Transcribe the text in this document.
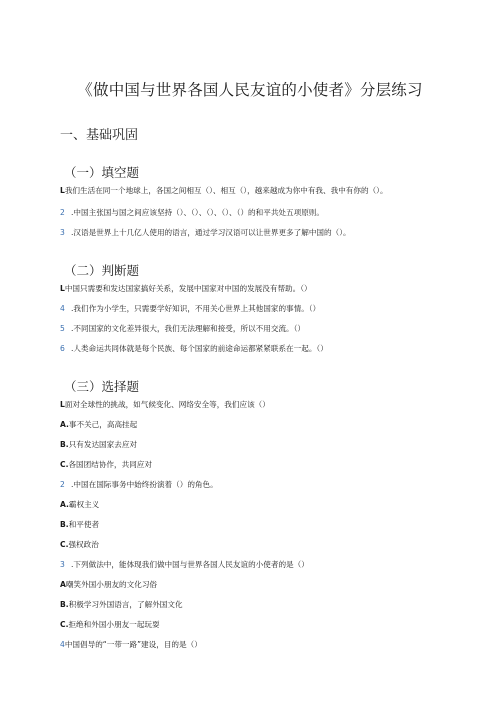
《做中国与世界各国人民友谊的小使者》分层练习
一、基础巩固
（一）填空题
L我们生活在同一个地球上，各国之间相互（）、相互（），越来越成为你中有我、我中有你的（）。
2 .中国主张国与国之间应该坚持（）、（）、（）、（）、（）的和平共处五项原则。
3 .汉语是世界上十几亿人使用的语言，通过学习汉语可以让世界更多了解中国的（）。
（二）判断题
L中国只需要和发达国家搞好关系，发展中国家对中国的发展没有帮助。（）
4 .我们作为小学生，只需要学好知识，不用关心世界上其他国家的事情。（）
5 .不同国家的文化差异很大，我们无法理解和接受，所以不用交流。（）
6 .人类命运共同体就是每个民族、每个国家的前途命运都紧紧联系在一起。（）
（三）选择题
L面对全球性的挑战，如气候变化、网络安全等，我们应该（）
A.事不关己，高高挂起
B.只有发达国家去应对
C.各国团结协作，共同应对
2 .中国在国际事务中始终扮演着（）的角色。
A.霸权主义
B.和平使者
C.强权政治
3 .下列做法中，能体现我们做中国与世界各国人民友谊的小使者的是（）
A嘲笑外国小朋友的文化习俗
B.积极学习外国语言，了解外国文化
C.拒绝和外国小朋友一起玩耍
4中国倡导的“一带一路”建设，目的是（）
